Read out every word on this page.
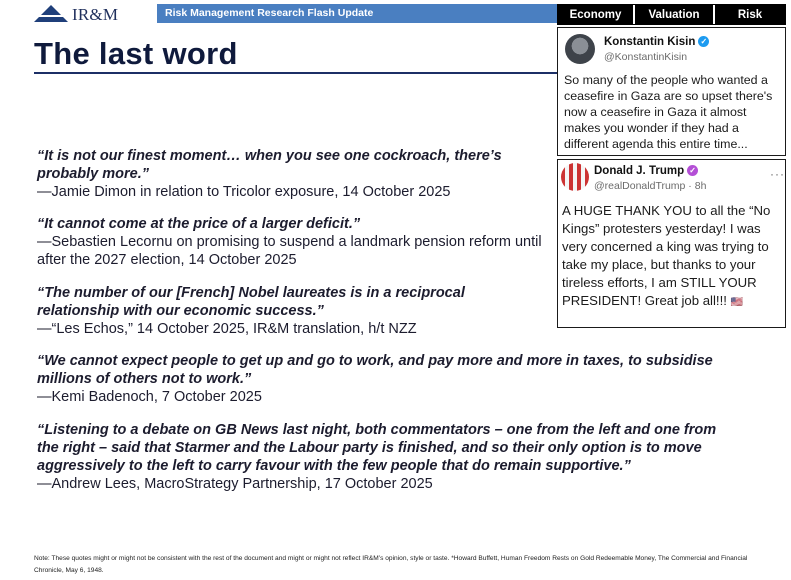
IR&M	Risk Management Research Flash Update	Economy	Valuation	Risk
The last word
“It is not our finest moment… when you see one cockroach, there’s probably more.”
—Jamie Dimon in relation to Tricolor exposure, 14 October 2025
“It cannot come at the price of a larger deficit.”
—Sebastien Lecornu on promising to suspend a landmark pension reform until after the 2027 election, 14 October 2025
“The number of our [French] Nobel laureates is in a reciprocal relationship with our economic success.”
—“Les Echos,” 14 October 2025, IR&M translation, h/t NZZ
“We cannot expect people to get up and go to work, and pay more and more in taxes, to subsidise millions of others not to work.”
—Kemi Badenoch, 7 October 2025
“Listening to a debate on GB News last night, both commentators – one from the left and one from the right – said that Starmer and the Labour party is finished, and so their only option is to move aggressively to the left to carry favour with the few people that do remain supportive.”
—Andrew Lees, MacroStrategy Partnership, 17 October 2025
Konstantin Kisin ✓
@KonstantinKisin
So many of the people who wanted a ceasefire in Gaza are so upset there's now a ceasefire in Gaza it almost makes you wonder if they had a different agenda this entire time...
Donald J. Trump ✓
@realDonaldTrump · 8h
···
A HUGE THANK YOU to all the “No Kings” protesters yesterday! I was very concerned a king was trying to take my place, but thanks to your tireless efforts, I am STILL YOUR PRESIDENT! Great job all!!! 🇺🇸
Note: These quotes might or might not be consistent with the rest of the document and might or might not reflect IR&M’s opinion, style or taste. *Howard Buffett, Human Freedom Rests on Gold Redeemable Money, The Commercial and Financial Chronicle, May 6, 1948.
